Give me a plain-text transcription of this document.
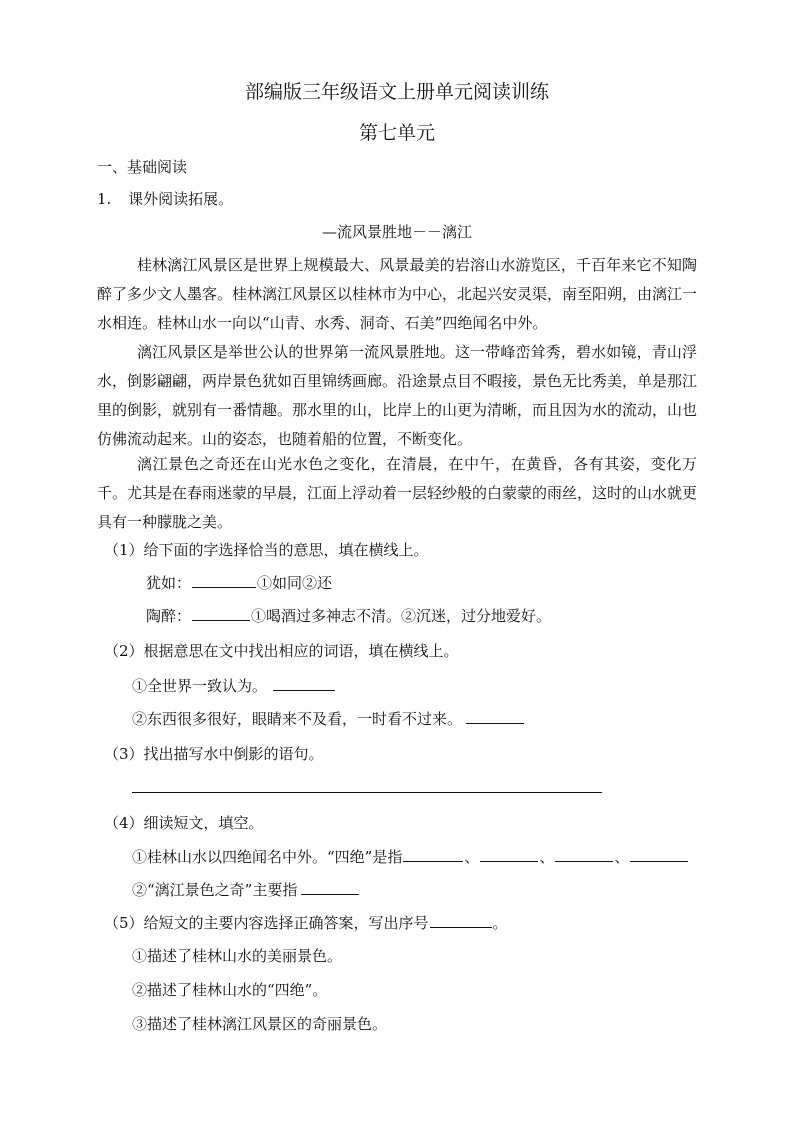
部编版三年级语文上册单元阅读训练
第七单元
一、基础阅读
1. 课外阅读拓展。
—流风景胜地－－漓江
桂林漓江风景区是世界上规模最大、风景最美的岩溶山水游览区，千百年来它不知陶醉了多少文人墨客。桂林漓江风景区以桂林市为中心，北起兴安灵渠，南至阳朔，由漓江一水相连。桂林山水一向以“山青、水秀、洞奇、石美”四绝闻名中外。
漓江风景区是举世公认的世界第一流风景胜地。这一带峰峦耸秀，碧水如镜，青山浮水，倒影翩翩，两岸景色犹如百里锦绣画廊。沿途景点目不暇接，景色无比秀美，单是那江里的倒影，就别有一番情趣。那水里的山，比岸上的山更为清晰，而且因为水的流动，山也仿佛流动起来。山的姿态，也随着船的位置，不断变化。
漓江景色之奇还在山光水色之变化，在清晨，在中午，在黄昏，各有其姿，变化万千。尤其是在春雨迷蒙的早晨，江面上浮动着一层轻纱般的白蒙蒙的雨丝，这时的山水就更具有一种朦胧之美。
（1）给下面的字选择恰当的意思，填在横线上。
犹如：	①如同②还
陶醉：	①喝酒过多神志不清。②沉迷，过分地爱好。
（2）根据意思在文中找出相应的词语，填在横线上。
①全世界一致认为。
②东西很多很好，眼睛来不及看，一时看不过来。
（3）找出描写水中倒影的语句。
（4）细读短文，填空。
①桂林山水以四绝闻名中外。“四绝”是指	、	、	、
②“漓江景色之奇”主要指
（5）给短文的主要内容选择正确答案，写出序号	。
①描述了桂林山水的美丽景色。
②描述了桂林山水的“四绝”。
③描述了桂林漓江风景区的奇丽景色。
